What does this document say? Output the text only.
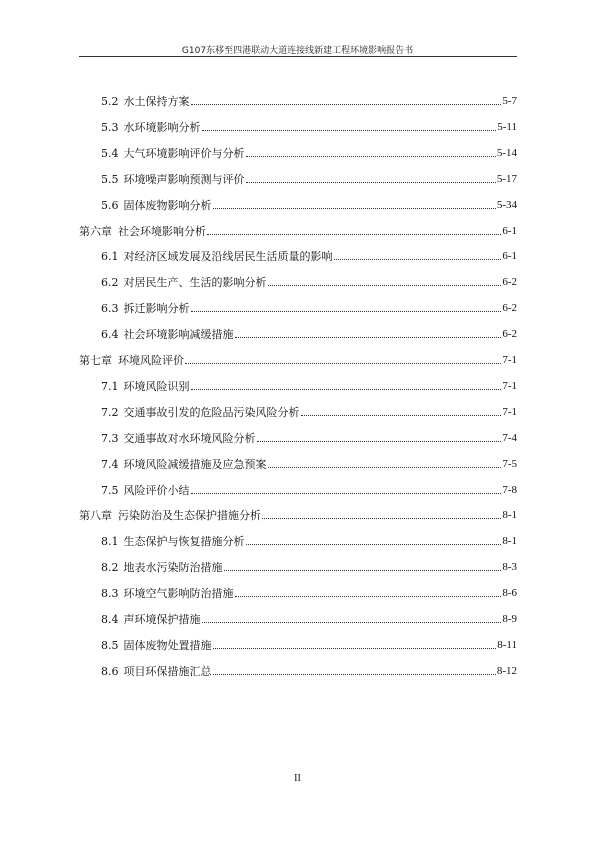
G107东移至四港联动大道连接线新建工程环境影响报告书
5.2 水土保持方案	5-7
5.3 水环境影响分析	5-11
5.4 大气环境影响评价与分析	5-14
5.5 环境噪声影响预测与评价	5-17
5.6 固体废物影响分析	5-34
第六章 社会环境影响分析	6-1
6.1 对经济区域发展及沿线居民生活质量的影响	6-1
6.2 对居民生产、生活的影响分析	6-2
6.3 拆迁影响分析	6-2
6.4 社会环境影响减缓措施	6-2
第七章 环境风险评价	7-1
7.1 环境风险识别	7-1
7.2 交通事故引发的危险品污染风险分析	7-1
7.3 交通事故对水环境风险分析	7-4
7.4 环境风险减缓措施及应急预案	7-5
7.5 风险评价小结	7-8
第八章 污染防治及生态保护措施分析	8-1
8.1 生态保护与恢复措施分析	8-1
8.2 地表水污染防治措施	8-3
8.3 环境空气影响防治措施	8-6
8.4 声环境保护措施	8-9
8.5 固体废物处置措施	8-11
8.6 项目环保措施汇总	8-12
II
